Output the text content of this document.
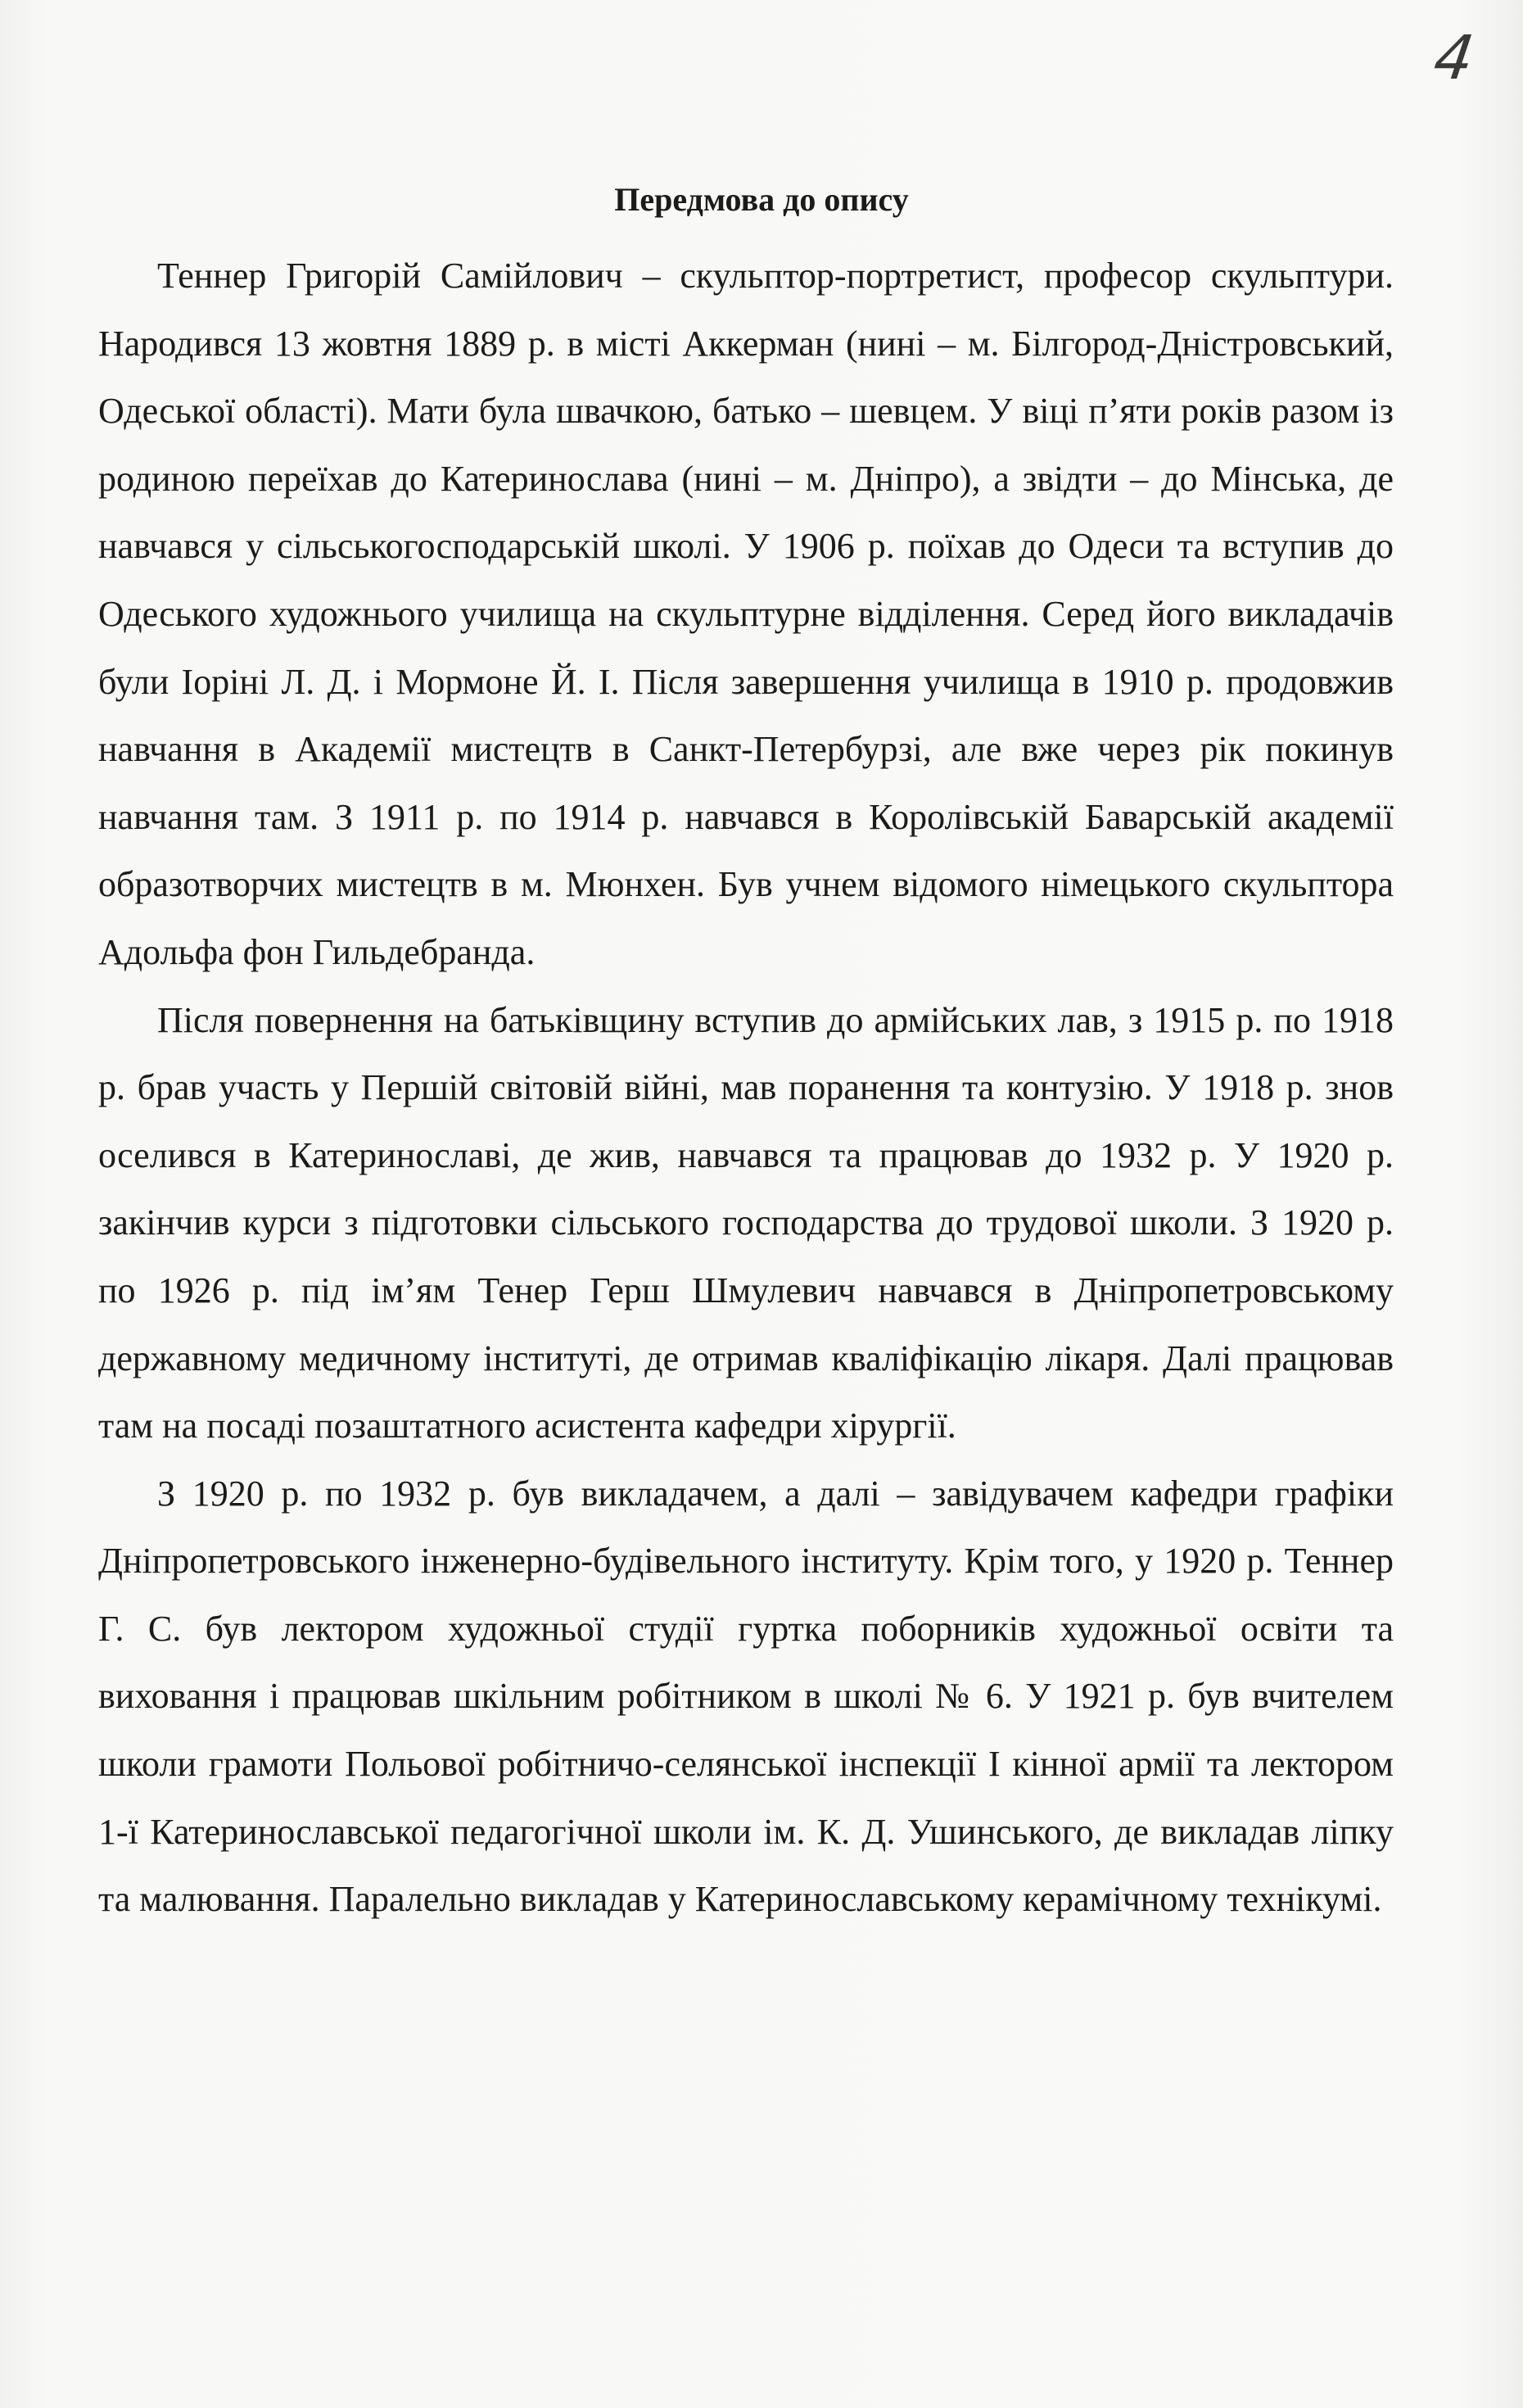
4
Передмова до опису

Теннер Григорій Самійлович – скульптор-портретист, професор скульптури. Народився 13 жовтня 1889 р. в місті Аккерман (нині – м. Білгород-Дністровський, Одеської області). Мати була швачкою, батько – шевцем. У віці п’яти років разом із родиною переїхав до Катеринослава (нині – м. Дніпро), а звідти – до Мінська, де навчався у сільськогосподарській школі. У 1906 р. поїхав до Одеси та вступив до Одеського художнього училища на скульптурне відділення. Серед його викладачів були Іоріні Л. Д. і Мормоне Й. І. Після завершення училища в 1910 р. продовжив навчання в Академії мистецтв в Санкт-Петербурзі, але вже через рік покинув навчання там. З 1911 р. по 1914 р. навчався в Королівській Баварській академії образотворчих мистецтв в м. Мюнхен. Був учнем відомого німецького скульптора Адольфа фон Гильдебранда.

Після повернення на батьківщину вступив до армійських лав, з 1915 р. по 1918 р. брав участь у Першій світовій війні, мав поранення та контузію. У 1918 р. знов оселився в Катеринославі, де жив, навчався та працював до 1932 р. У 1920 р. закінчив курси з підготовки сільського господарства до трудової школи. З 1920 р. по 1926 р. під ім’ям Тенер Герш Шмулевич навчався в Дніпропетровському державному медичному інституті, де отримав кваліфікацію лікаря. Далі працював там на посаді позаштатного асистента кафедри хірургії.

З 1920 р. по 1932 р. був викладачем, а далі – завідувачем кафедри графіки Дніпропетровського інженерно-будівельного інституту. Крім того, у 1920 р. Теннер Г. С. був лектором художньої студії гуртка поборників художньої освіти та виховання і працював шкільним робітником в школі № 6. У 1921 р. був вчителем школи грамоти Польової робітничо-селянської інспекції І кінної армії та лектором 1-ї Катеринославської педагогічної школи ім. К. Д. Ушинського, де викладав ліпку та малювання. Паралельно викладав у Катеринославському керамічному технікумі.
